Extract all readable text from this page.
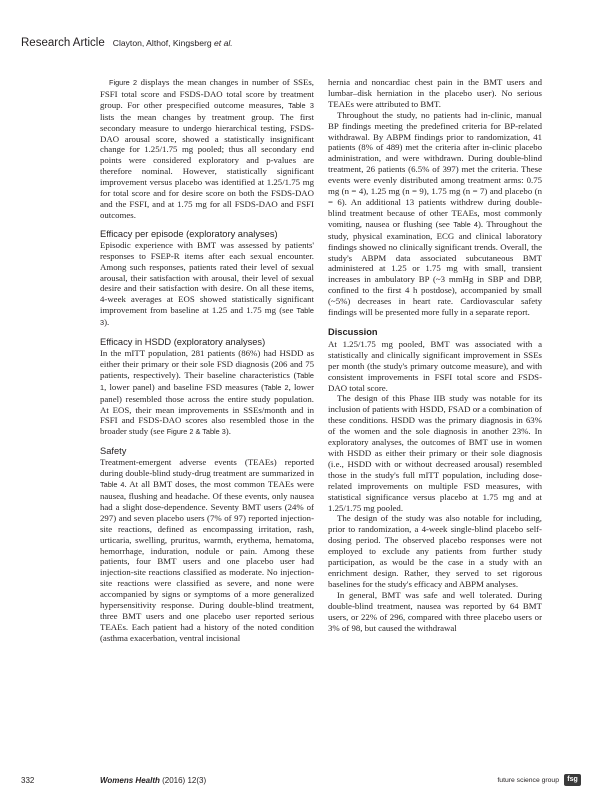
Research Article Clayton, Althof, Kingsberg et al.

Figure 2 displays the mean changes in number of SSEs, FSFI total score and FSDS-DAO total score by treatment group. For other prespecified outcome measures, Table 3 lists the mean changes by treatment group. The first secondary measure to undergo hierarchical testing, FSDS-DAO arousal score, showed a statistically insignificant change for 1.25/1.75 mg pooled; thus all secondary end points were considered exploratory and p-values are therefore nominal. However, statistically significant improvement versus placebo was identified at 1.25/1.75 mg for total score and for desire score on both the FSDS-DAO and the FSFI, and at 1.75 mg for all FSDS-DAO and FSFI outcomes.

Efficacy per episode (exploratory analyses)

Episodic experience with BMT was assessed by patients' responses to FSEP-R items after each sexual encounter. Among such responses, patients rated their level of sexual arousal, their satisfaction with arousal, their level of sexual desire and their satisfaction with desire. On all these items, 4-week averages at EOS showed statistically significant improvement from baseline at 1.25 and 1.75 mg (see Table 3).

Efficacy in HSDD (exploratory analyses)

In the mITT population, 281 patients (86%) had HSDD as either their primary or their sole FSD diagnosis (206 and 75 patients, respectively). Their baseline characteristics (Table 1, lower panel) and baseline FSD measures (Table 2, lower panel) resembled those across the entire study population. At EOS, their mean improvements in SSEs/month and in FSFI and FSDS-DAO scores also resembled those in the broader study (see Figure 2 & Table 3).

Safety

Treatment-emergent adverse events (TEAEs) reported during double-blind study-drug treatment are summarized in Table 4. At all BMT doses, the most common TEAEs were nausea, flushing and headache. Of these events, only nausea had a slight dose-dependence. Seventy BMT users (24% of 297) and seven placebo users (7% of 97) reported injection-site reactions, defined as encompassing irritation, rash, urticaria, swelling, pruritus, warmth, erythema, hematoma, hemorrhage, induration, nodule or pain. Among these patients, four BMT users and one placebo user had injection-site reactions classified as moderate. No injection-site reactions were classified as severe, and none were accompanied by signs or symptoms of a more generalized hypersensitivity response. During double-blind treatment, three BMT users and one placebo user reported serious TEAEs. Each patient had a history of the noted condition (asthma exacerbation, ventral incisional

hernia and noncardiac chest pain in the BMT users and lumbar–disk herniation in the placebo user). No serious TEAEs were attributed to BMT.

Throughout the study, no patients had in-clinic, manual BP findings meeting the predefined criteria for BP-related withdrawal. By ABPM findings prior to randomization, 41 patients (8% of 489) met the criteria after in-clinic placebo administration, and were withdrawn. During double-blind treatment, 26 patients (6.5% of 397) met the criteria. These events were evenly distributed among treatment arms: 0.75 mg (n = 4), 1.25 mg (n = 9), 1.75 mg (n = 7) and placebo (n = 6). An additional 13 patients withdrew during double-blind treatment because of other TEAEs, most commonly vomiting, nausea or flushing (see Table 4). Throughout the study, physical examination, ECG and clinical laboratory findings showed no clinically significant trends. Overall, the study's ABPM data associated subcutaneous BMT administered at 1.25 or 1.75 mg with small, transient increases in ambulatory BP (~3 mmHg in SBP and DBP, confined to the first 4 h postdose), accompanied by small (~5%) decreases in heart rate. Cardiovascular safety findings will be presented more fully in a separate report.

Discussion

At 1.25/1.75 mg pooled, BMT was associated with a statistically and clinically significant improvement in SSEs per month (the study's primary outcome measure), and with consistent improvements in FSFI total score and FSDS-DAO total score.

The design of this Phase IIB study was notable for its inclusion of patients with HSDD, FSAD or a combination of these conditions. HSDD was the primary diagnosis in 63% of the women and the sole diagnosis in another 23%. In exploratory analyses, the outcomes of BMT use in women with HSDD as either their primary or their sole diagnosis (i.e., HSDD with or without decreased arousal) resembled those in the study's full mITT population, including dose-related improvements on multiple FSD measures, with statistical significance versus placebo at 1.75 mg and at 1.25/1.75 mg pooled.

The design of the study was also notable for including, prior to randomization, a 4-week single-blind placebo self-dosing period. The observed placebo responses were not employed to exclude any patients from further study participation, as would be the case in a study with an enrichment design. Rather, they served to set rigorous baselines for the study's efficacy and ABPM analyses.

In general, BMT was safe and well tolerated. During double-blind treatment, nausea was reported by 64 BMT users, or 22% of 296, compared with three placebo users or 3% of 98, but caused the withdrawal

332	Womens Health (2016) 12(3)	future science group	fsg
